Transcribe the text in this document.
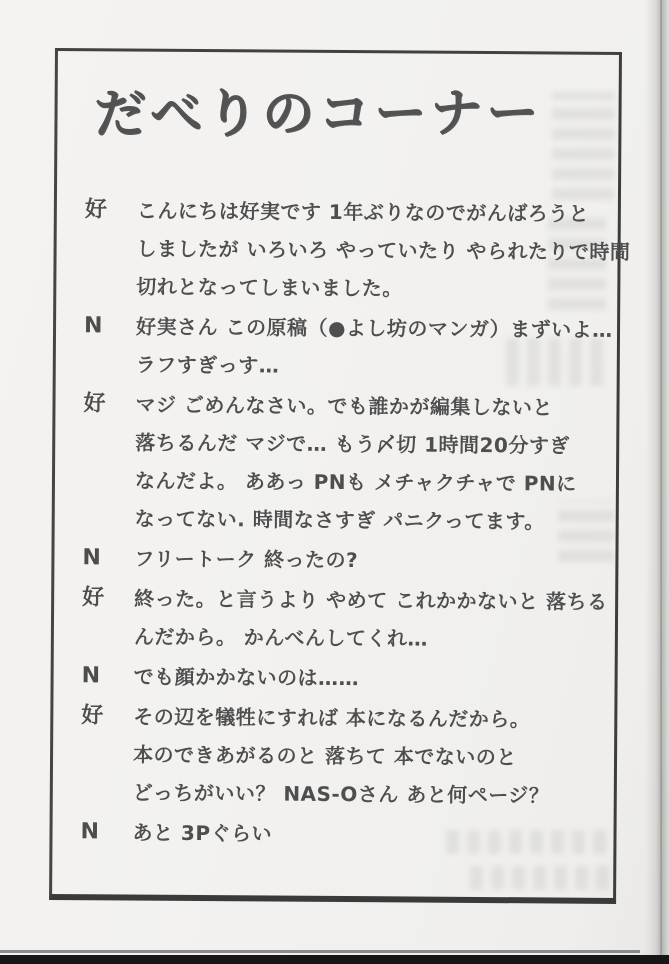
だべりのコーナー
好	こんにちは好実です 1年ぶりなのでがんばろうと
しましたが いろいろ やっていたり やられたりで時間
切れとなってしまいました。
N	好実さん この原稿（●よし坊のマンガ）まずいよ…
ラフすぎっす…
好	マジ ごめんなさい。でも誰かが編集しないと
落ちるんだ マジで… もう〆切 1時間20分すぎ
なんだよ。 ああっ PNも メチャクチャで PNに
なってない. 時間なさすぎ パニクってます。
N	フリートーク 終ったの?
好	終った。と言うより やめて これかかないと 落ちる
んだから。 かんべんしてくれ…
N	でも顔かかないのは……
好	その辺を犠牲にすれば 本になるんだから。
本のできあがるのと 落ちて 本でないのと
どっちがいい？ NAS-Oさん あと何ページ？
N	あと 3Pぐらい
